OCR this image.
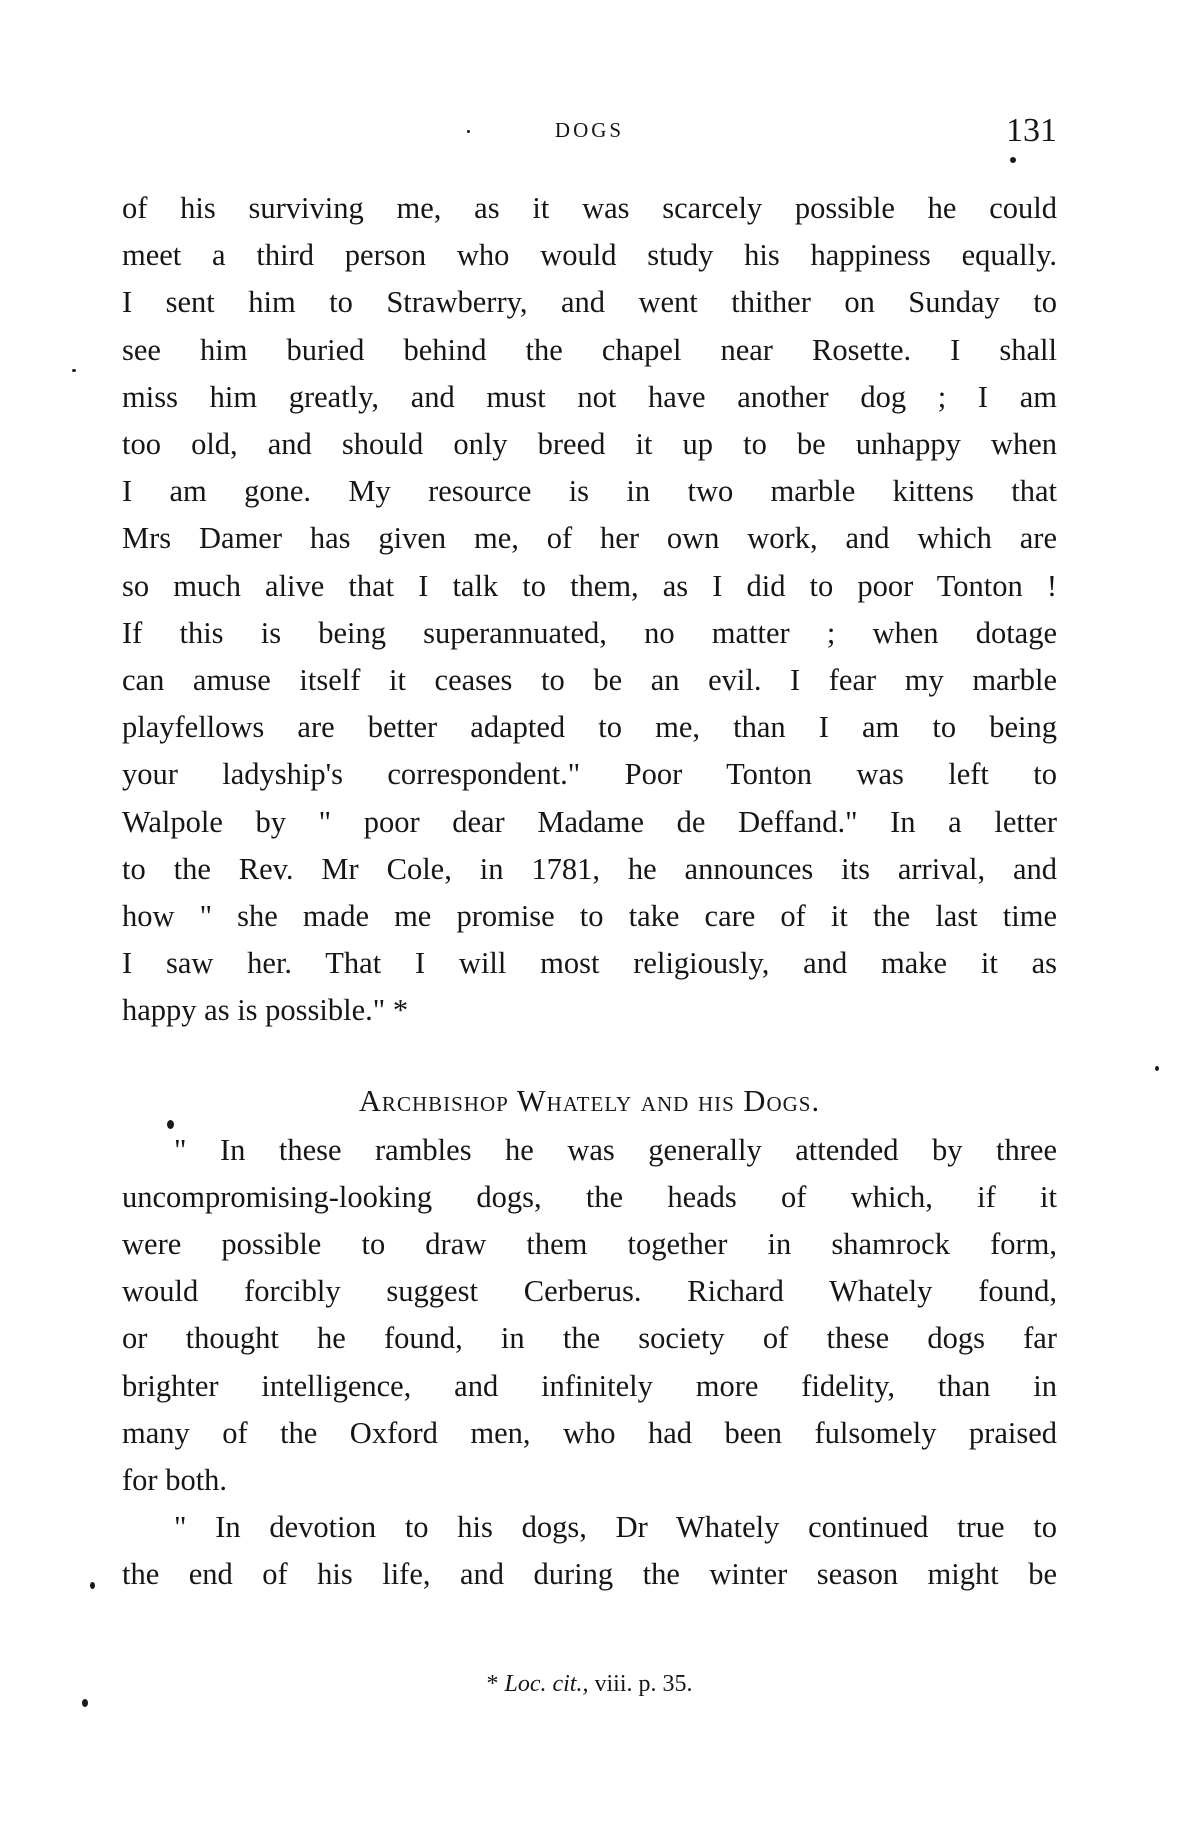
DOGS	131
of his surviving me, as it was scarcely possible he could
meet a third person who would study his happiness equally.
I sent him to Strawberry, and went thither on Sunday to
see him buried behind the chapel near Rosette. I shall
miss him greatly, and must not have another dog ; I am
too old, and should only breed it up to be unhappy when
I am gone. My resource is in two marble kittens that
Mrs Damer has given me, of her own work, and which are
so much alive that I talk to them, as I did to poor Tonton !
If this is being superannuated, no matter ; when dotage
can amuse itself it ceases to be an evil. I fear my marble
playfellows are better adapted to me, than I am to being
your ladyship's correspondent." Poor Tonton was left to
Walpole by " poor dear Madame de Deffand." In a letter
to the Rev. Mr Cole, in 1781, he announces its arrival, and
how " she made me promise to take care of it the last time
I saw her. That I will most religiously, and make it as
happy as is possible." *
Archbishop Whately and his Dogs.
" In these rambles he was generally attended by three
uncompromising-looking dogs, the heads of which, if it
were possible to draw them together in shamrock form,
would forcibly suggest Cerberus. Richard Whately found,
or thought he found, in the society of these dogs far
brighter intelligence, and infinitely more fidelity, than in
many of the Oxford men, who had been fulsomely praised
for both.
" In devotion to his dogs, Dr Whately continued true to
the end of his life, and during the winter season might be
* Loc. cit., viii. p. 35.
